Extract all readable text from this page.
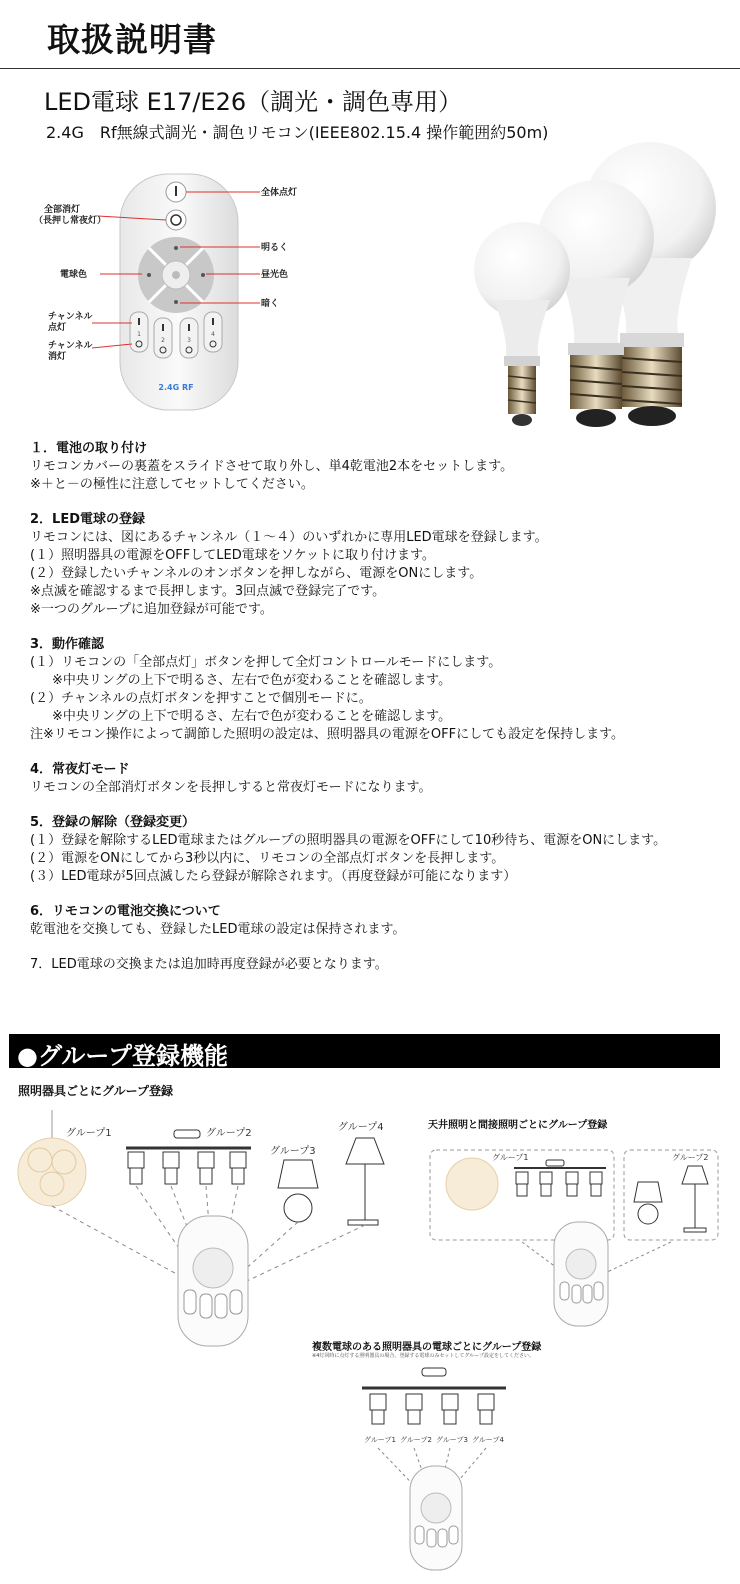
取扱説明書
LED電球 E17/E26（調光・調色専用）
2.4G　Rf無線式調光・調色リモコン(IEEE802.15.4 操作範囲約50m)
1
2	3
4
2.4G RF
全体点灯
全部消灯
（長押し常夜灯）
明るく
電球色	昼光色
暗く
チャンネル
点灯
チャンネル
消灯
１．電池の取り付け
リモコンカバーの裏蓋をスライドさせて取り外し、単4乾電池2本をセットします。
※＋と－の極性に注意してセットしてください。
2．LED電球の登録
リモコンには、図にあるチャンネル（１～４）のいずれかに専用LED電球を登録します。
(１）照明器具の電源をOFFしてLED電球をソケットに取り付けます。
(２）登録したいチャンネルのオンボタンを押しながら、電源をONにします。
※点滅を確認するまで長押します。3回点滅で登録完了です。
※一つのグループに追加登録が可能です。
3．動作確認
(１）リモコンの「全部点灯」ボタンを押して全灯コントロールモードにします。
※中央リングの上下で明るさ、左右で色が変わることを確認します。
(２）チャンネルの点灯ボタンを押すことで個別モードに。
※中央リングの上下で明るさ、左右で色が変わることを確認します。
注※リモコン操作によって調節した照明の設定は、照明器具の電源をOFFにしても設定を保持します。
4．常夜灯モード
リモコンの全部消灯ボタンを長押しすると常夜灯モードになります。
5．登録の解除（登録変更）
(１）登録を解除するLED電球またはグループの照明器具の電源をOFFにして10秒待ち、電源をONにします。
(２）電源をONにしてから3秒以内に、リモコンの全部点灯ボタンを長押します。
(３）LED電球が5回点滅したら登録が解除されます。（再度登録が可能になります）
6．リモコンの電池交換について
乾電池を交換しても、登録したLED電球の設定は保持されます。
7．LED電球の交換または追加時再度登録が必要となります。
●グループ登録機能
照明器具ごとにグループ登録
天井照明と間接照明ごとにグループ登録
複数電球のある照明器具の電球ごとにグループ登録
※4灯同時に点灯する照明器具の場合、登録する電球のみセットしてグループ設定をしてください。
グループ1	グループ2
グループ3
グループ4
グループ1	グループ2
グループ1 グループ2 グループ3 グループ4
